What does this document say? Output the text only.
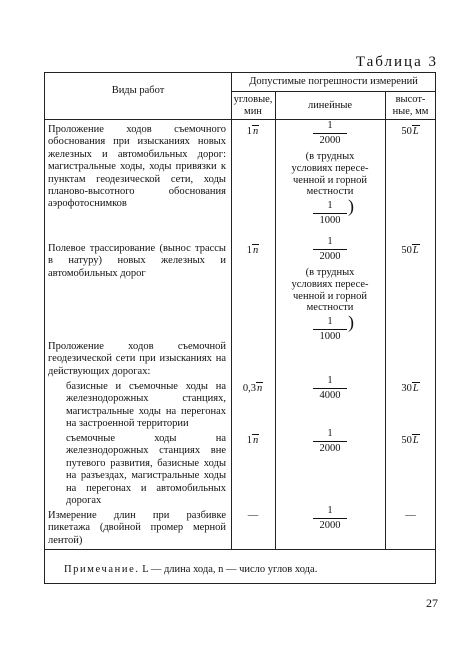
Таблица 3
Виды работ
Допустимые погрешности измерений
угловые,
мин
линейные
высот-
ные, мм
Проложение ходов съемочного обоснования при изысканиях новых железных и автомобильных дорог: магистральные ходы, ходы привязки к пунктам геодезической сети, ходы планово-высотного обоснования аэрофотоснимков
1n
1
2000
(в трудных
условиях пересе-
ченной и горной
местности
1
1000
)
50L
Полевое трассирование (вынос трассы в натуру) новых железных и автомобильных дорог
1n
1
2000
(в трудных
условиях пересе-
ченной и горной
местности
1
1000
)
50L
Проложение ходов съемочной геодезической сети при изысканиях на действующих дорогах:
базисные и съемочные ходы на железнодорожных станциях, магистральные ходы на перегонах на застроенной территории
0,3n
1
4000
30L
съемочные ходы на железнодорожных станциях вне путевого развития, базисные ходы на разъездах, магистральные ходы на перегонах и автомобильных дорогах
1n
1
2000
50L
Измерение длин при разбивке пикетажа (двойной промер мерной лентой)
—	1
2000
—
Примечание. L — длина хода, n — число углов хода.
27
